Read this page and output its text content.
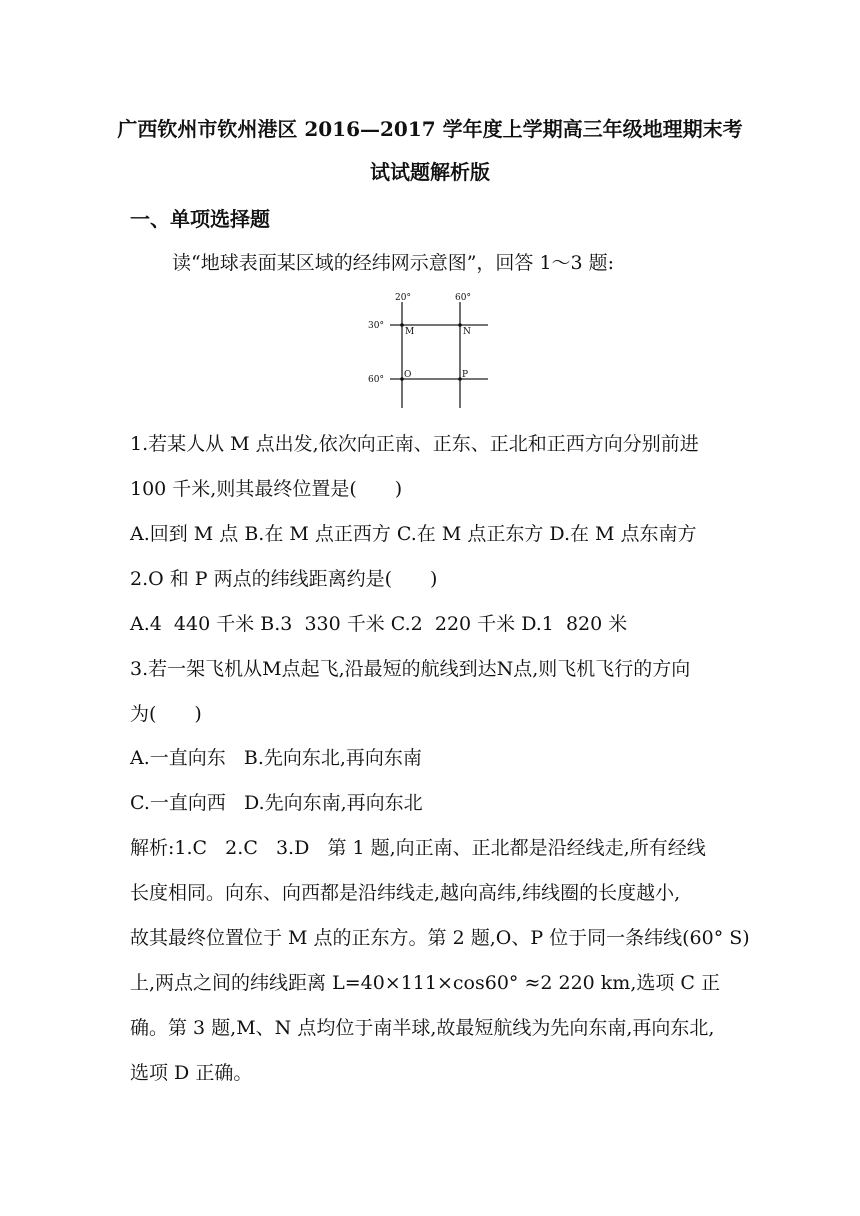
广西钦州市钦州港区 2016—2017 学年度上学期高三年级地理期末考
试试题解析版
一、单项选择题
读“地球表面某区域的经纬网示意图”，回答 1～3 题:
20°	60°
30°
60°
M	N
O	P
1.若某人从 M 点出发,依次向正南、正东、正北和正西方向分别前进
100 千米,则其最终位置是(　　)
A.回到 M 点 B.在 M 点正西方 C.在 M 点正东方 D.在 M 点东南方
2.O 和 P 两点的纬线距离约是(　　)
A.4  440 千米 B.3  330 千米 C.2  220 千米 D.1  820 米
3.若一架飞机从M点起飞,沿最短的航线到达N点,则飞机飞行的方向
为(　　)
A.一直向东   B.先向东北,再向东南
C.一直向西   D.先向东南,再向东北
解析:1.C   2.C   3.D   第 1 题,向正南、正北都是沿经线走,所有经线
长度相同。向东、向西都是沿纬线走,越向高纬,纬线圈的长度越小,
故其最终位置位于 M 点的正东方。第 2 题,O、P 位于同一条纬线(60° S)
上,两点之间的纬线距离 L=40×111×cos60° ≈2 220 km,选项 C 正
确。第 3 题,M、N 点均位于南半球,故最短航线为先向东南,再向东北,
选项 D 正确。
